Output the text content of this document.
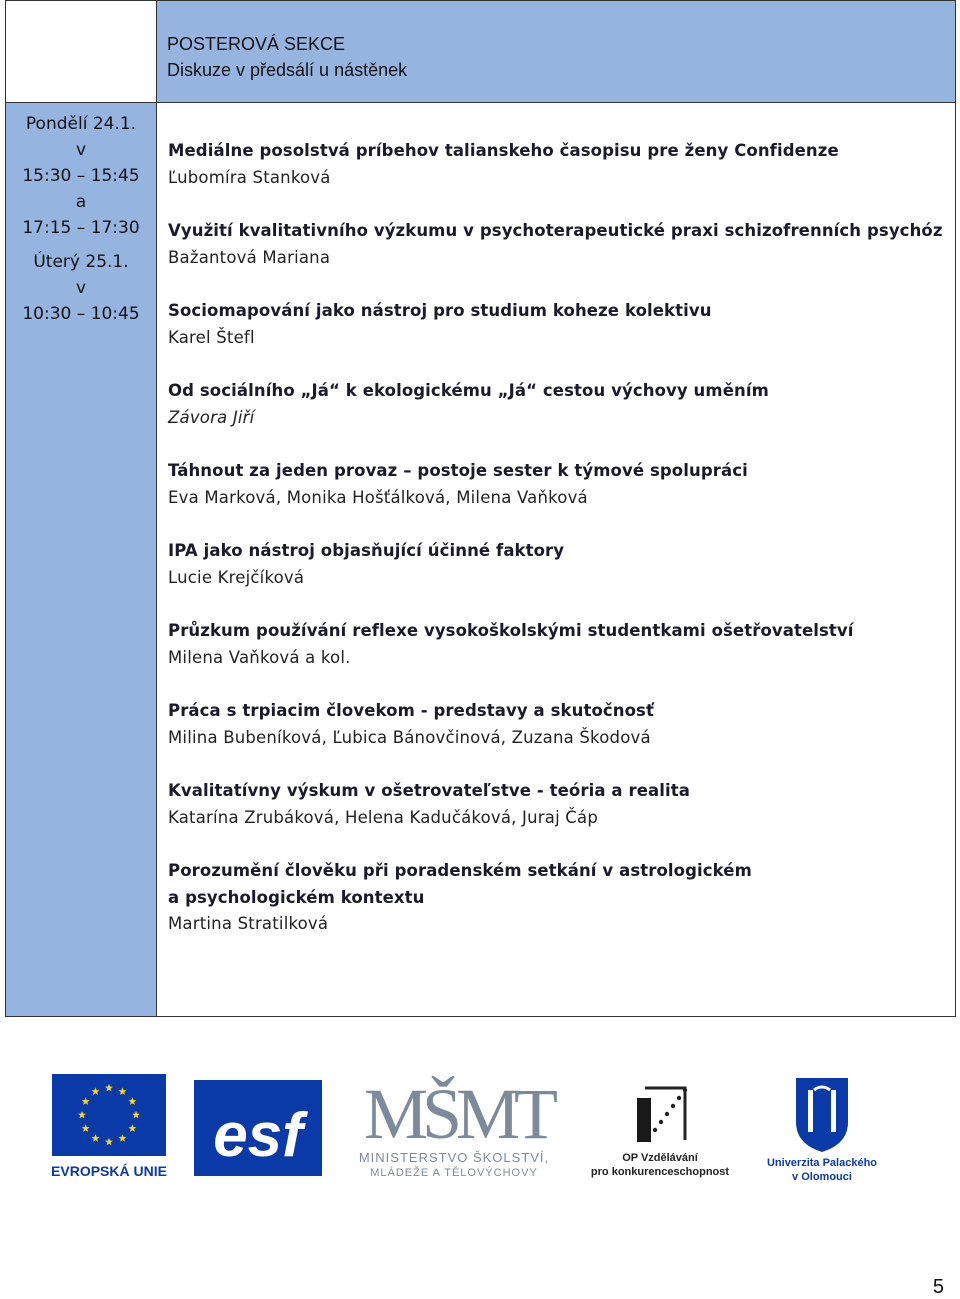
POSTEROVÁ SEKCE
Diskuze v předsálí u nástěnek
Pondělí 24.1.
v
15:30 – 15:45
a
17:15 – 17:30
Úterý 25.1.
v
10:30 – 10:45
Mediálne posolstvá príbehov talianskeho časopisu pre ženy Confidenze
Ľubomíra Stanková
Využití kvalitativního výzkumu v psychoterapeutické praxi schizofrenních psychóz
Bažantová Mariana
Sociomapování jako nástroj pro studium koheze kolektivu
Karel Štefl
Od sociálního „Já“ k ekologickému „Já“ cestou výchovy uměním
Závora Jiří
Táhnout za jeden provaz – postoje sester k týmové spolupráci
Eva Marková, Monika Hošťálková, Milena Vaňková
IPA jako nástroj objasňující účinné faktory
Lucie Krejčíková
Průzkum používání reflexe vysokoškolskými studentkami ošetřovatelství
Milena Vaňková a kol.
Práca s trpiacim človekom - predstavy a skutočnosť
Milina Bubeníková, Ľubica Bánovčinová, Zuzana Škodová
Kvalitatívny výskum v ošetrovateľstve - teória a realita
Katarína Zrubáková, Helena Kadučáková, Juraj Čáp
Porozumění člověku při poradenském setkání v astrologickém
a psychologickém kontextu
Martina Stratilková
EVROPSKÁ UNIE
esf MŠMT
MINISTERSTVO ŠKOLSTVÍ,
MLÁDEŽE A TĚLOVÝCHOVY
OP Vzdělávání
pro konkurenceschopnost
Univerzita Palackého
v Olomouci
5
